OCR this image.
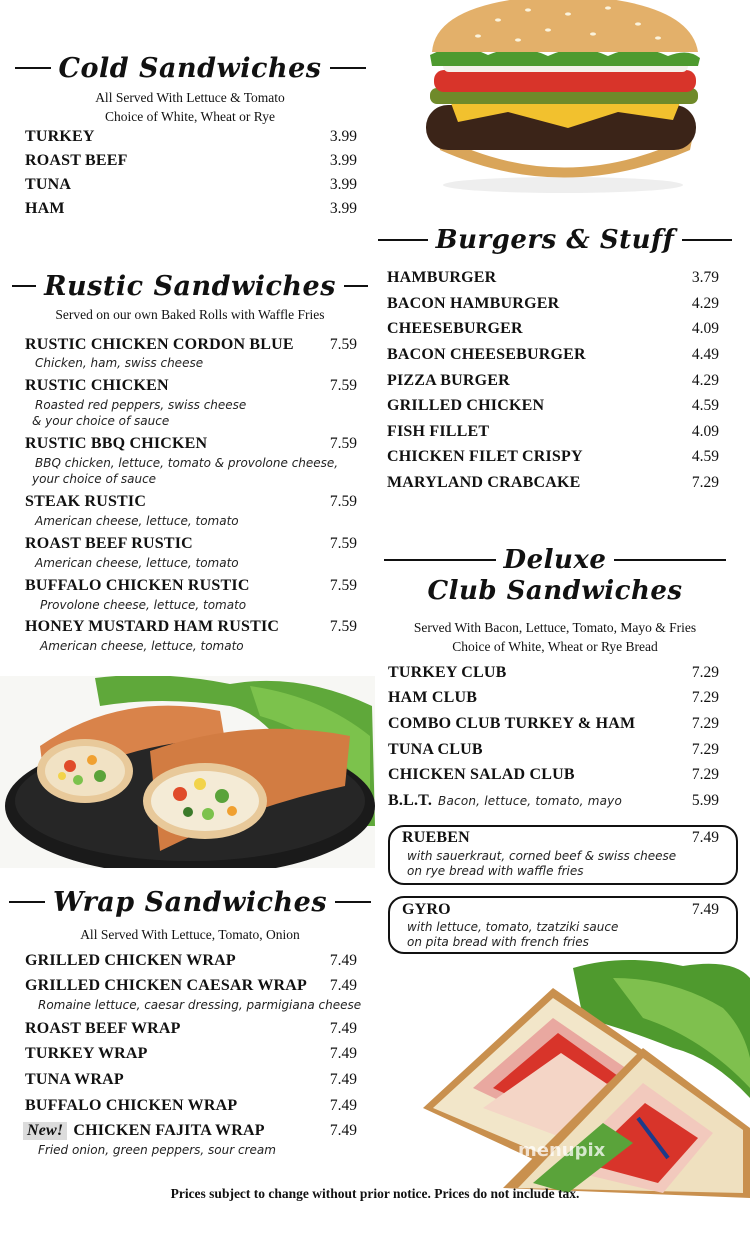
Cold Sandwiches
All Served With Lettuce & Tomato
Choice of White, Wheat or Rye
TURKEY	3.99
ROAST BEEF	3.99
TUNA	3.99
HAM	3.99
Rustic Sandwiches
Served on our own Baked Rolls with Waffle Fries
RUSTIC CHICKEN CORDON BLUE 7.59
Chicken, ham, swiss cheese
RUSTIC CHICKEN	7.59
Roasted red peppers, swiss cheese
& your choice of sauce
RUSTIC BBQ CHICKEN	7.59
BBQ chicken, lettuce, tomato & provolone cheese,
your choice of sauce
STEAK RUSTIC	7.59
American cheese, lettuce, tomato
ROAST BEEF RUSTIC	7.59
American cheese, lettuce, tomato
BUFFALO CHICKEN RUSTIC	7.59
Provolone cheese, lettuce, tomato
HONEY MUSTARD HAM RUSTIC	7.59
American cheese, lettuce, tomato
Wrap Sandwiches
All Served With Lettuce, Tomato, Onion
GRILLED CHICKEN WRAP	7.49
GRILLED CHICKEN CAESAR WRAP 7.49
Romaine lettuce, caesar dressing, parmigiana cheese
ROAST BEEF WRAP	7.49
TURKEY WRAP	7.49
TUNA WRAP	7.49
BUFFALO CHICKEN WRAP	7.49
New! CHICKEN FAJITA WRAP	7.49
Fried onion, green peppers, sour cream
Burgers & Stuff
HAMBURGER	3.79
BACON HAMBURGER	4.29
CHEESEBURGER	4.09
BACON CHEESEBURGER	4.49
PIZZA BURGER	4.29
GRILLED CHICKEN	4.59
FISH FILLET	4.09
CHICKEN FILET CRISPY	4.59
MARYLAND CRABCAKE	7.29
Deluxe
Club Sandwiches
Served With Bacon, Lettuce, Tomato, Mayo & Fries
Choice of White, Wheat or Rye Bread
TURKEY CLUB	7.29
HAM CLUB	7.29
COMBO CLUB TURKEY & HAM	7.29
TUNA CLUB	7.29
CHICKEN SALAD CLUB	7.29
B.L.T. Bacon, lettuce, tomato, mayo	5.99
RUEBEN	7.49
with sauerkraut, corned beef & swiss cheese
on rye bread with waffle fries
GYRO	7.49
with lettuce, tomato, tzatziki sauce
on pita bread with french fries
menupix
Prices subject to change without prior notice. Prices do not include tax.
